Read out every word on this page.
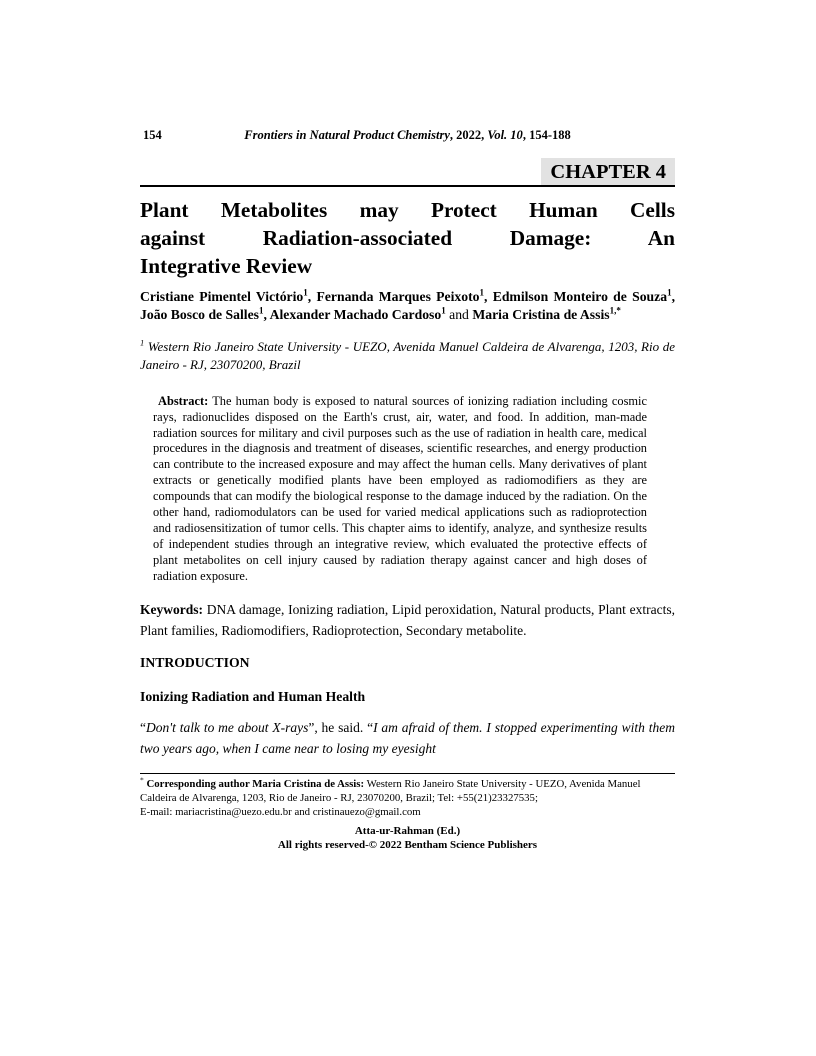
154	Frontiers in Natural Product Chemistry, 2022, Vol. 10, 154-188
CHAPTER 4
Plant Metabolites may Protect Human Cells
against Radiation-associated Damage: An
Integrative Review

Cristiane Pimentel Victório$^1$, Fernanda Marques Peixoto$^1$, Edmilson Monteiro de Souza$^1$, João Bosco de Salles$^1$, Alexander Machado Cardoso$^1$ and Maria Cristina de Assis$^{1,*}$

$^1$ Western Rio Janeiro State University - UEZO, Avenida Manuel Caldeira de Alvarenga, 1203, Rio de Janeiro - RJ, 23070200, Brazil

Abstract: The human body is exposed to natural sources of ionizing radiation including cosmic rays, radionuclides disposed on the Earth's crust, air, water, and food. In addition, man-made radiation sources for military and civil purposes such as the use of radiation in health care, medical procedures in the diagnosis and treatment of diseases, scientific researches, and energy production can contribute to the increased exposure and may affect the human cells. Many derivatives of plant extracts or genetically modified plants have been employed as radiomodifiers as they are compounds that can modify the biological response to the damage induced by the radiation. On the other hand, radiomodulators can be used for varied medical applications such as radioprotection and radiosensitization of tumor cells. This chapter aims to identify, analyze, and synthesize results of independent studies through an integrative review, which evaluated the protective effects of plant metabolites on cell injury caused by radiation therapy against cancer and high doses of radiation exposure.

Keywords: DNA damage, Ionizing radiation, Lipid peroxidation, Natural products, Plant extracts, Plant families, Radiomodifiers, Radioprotection, Secondary metabolite.

INTRODUCTION
Ionizing Radiation and Human Health

“Don't talk to me about X-rays”, he said. “I am afraid of them. I stopped experimenting with them two years ago, when I came near to losing my eyesight

* Corresponding author Maria Cristina de Assis: Western Rio Janeiro State University - UEZO, Avenida Manuel Caldeira de Alvarenga, 1203, Rio de Janeiro - RJ, 23070200, Brazil; Tel: +55(21)23327535;
E-mail: mariacristina@uezo.edu.br and cristinauezo@gmail.com
Atta-ur-Rahman (Ed.)
All rights reserved-© 2022 Bentham Science Publishers
